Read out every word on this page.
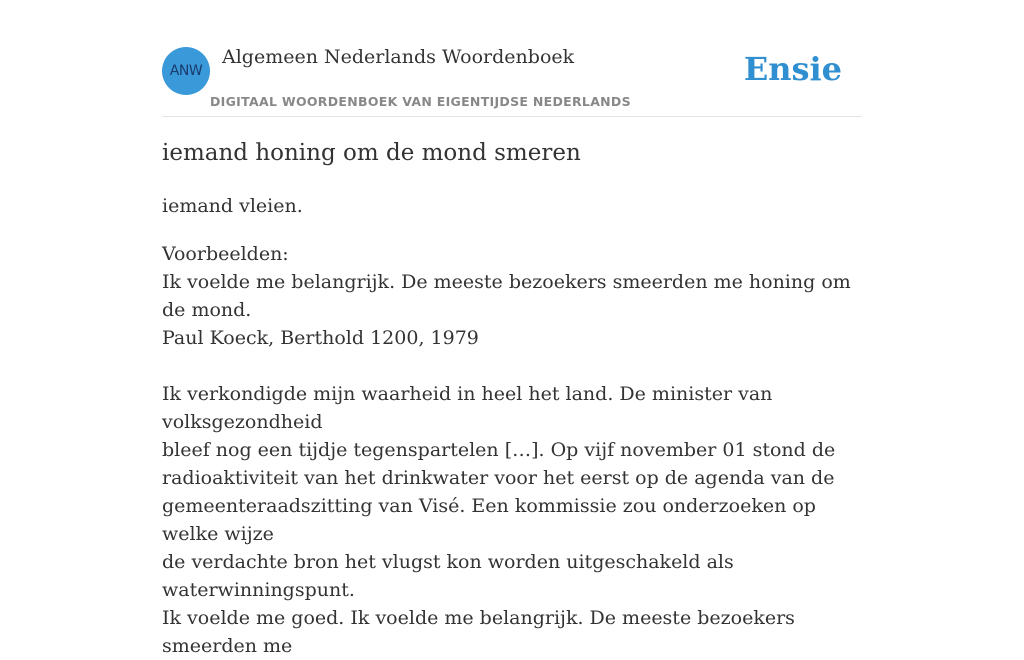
ANW
Algemeen Nederlands Woordenboek
DIGITAAL WOORDENBOEK VAN EIGENTIJDSE NEDERLANDS
Ensie
iemand honing om de mond smeren
iemand vleien.

Voorbeelden:

Ik voelde me belangrijk. De meeste bezoekers smeerden me honing om de mond.

Paul Koeck, Berthold 1200, 1979

Ik verkondigde mijn waarheid in heel het land. De minister van volksgezondheid

bleef nog een tijdje tegenspartelen […]. Op vijf november 01 stond de

radioaktiviteit van het drinkwater voor het eerst op de agenda van de

gemeenteraadszitting van Visé. Een kommissie zou onderzoeken op welke wijze

de verdachte bron het vlugst kon worden uitgeschakeld als waterwinningspunt.

Ik voelde me goed. Ik voelde me belangrijk. De meeste bezoekers smeerden me
